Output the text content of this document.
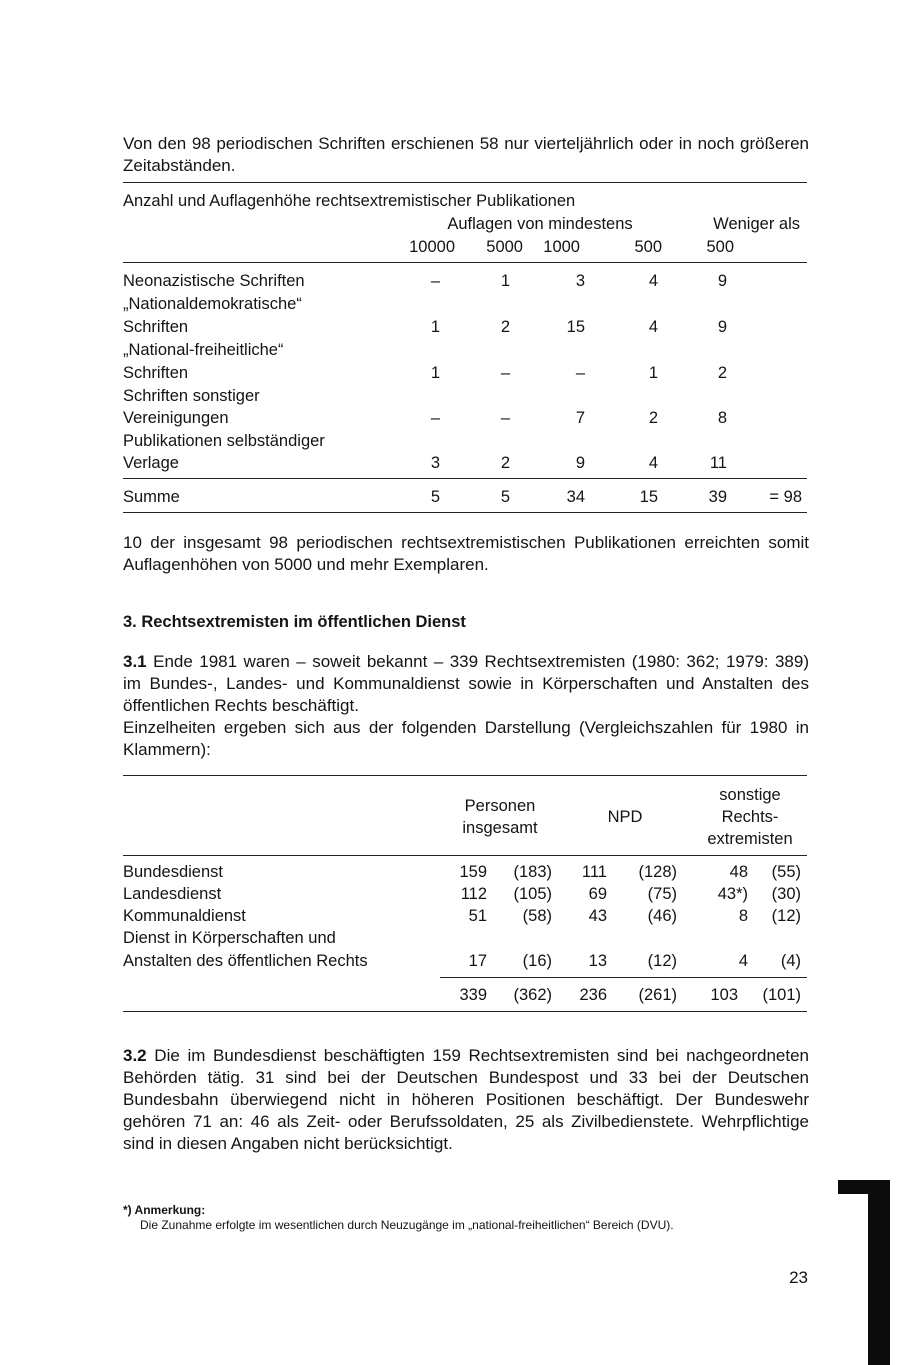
Von den 98 periodischen Schriften erschienen 58 nur vierteljährlich oder in noch größeren Zeitabständen.
Anzahl und Auflagenhöhe rechtsextremistischer Publikationen
Auflagen von mindestens	Weniger als
10000	5000	1000	500	500
Neonazistische Schriften	–	1	3	4	9
„Nationaldemokratische“
Schriften	1	2	15	4	9
„National-freiheitliche“
Schriften	1	–	–	1	2
Schriften sonstiger
Vereinigungen	–	–	7	2	8
Publikationen selbständiger
Verlage	3	2	9	4	11
Summe	5	5	34	15	39	= 98
10 der insgesamt 98 periodischen rechtsextremistischen Publikationen erreichten somit Auflagenhöhen von 5000 und mehr Exemplaren.
3. Rechtsextremisten im öffentlichen Dienst
3.1 Ende 1981 waren – soweit bekannt – 339 Rechtsextremisten (1980: 362; 1979: 389) im Bundes-, Landes- und Kommunaldienst sowie in Körperschaften und Anstalten des öffentlichen Rechts beschäftigt.
Einzelheiten ergeben sich aus der folgenden Darstellung (Vergleichszahlen für 1980 in Klammern):
Personen
insgesamt
NPD
sonstige
Rechts-
extremisten
Bundesdienst	159	(183)	111	(128)	48	(55)
Landesdienst	112	(105)	69	(75)	43*)	(30)
Kommunaldienst	51	(58)	43	(46)	8	(12)
Dienst in Körperschaften und
Anstalten des öffentlichen Rechts	17	(16)	13	(12)	4	(4)
339	(362)	236	(261)	103	(101)
3.2 Die im Bundesdienst beschäftigten 159 Rechtsextremisten sind bei nachgeordneten Behörden tätig. 31 sind bei der Deutschen Bundespost und 33 bei der Deutschen Bundesbahn überwiegend nicht in höheren Positionen beschäftigt. Der Bundeswehr gehören 71 an: 46 als Zeit- oder Berufssoldaten, 25 als Zivilbedienstete. Wehrpflichtige sind in diesen Angaben nicht berücksichtigt.
*) Anmerkung:
Die Zunahme erfolgte im wesentlichen durch Neuzugänge im „national-freiheitlichen“ Bereich (DVU).
23
